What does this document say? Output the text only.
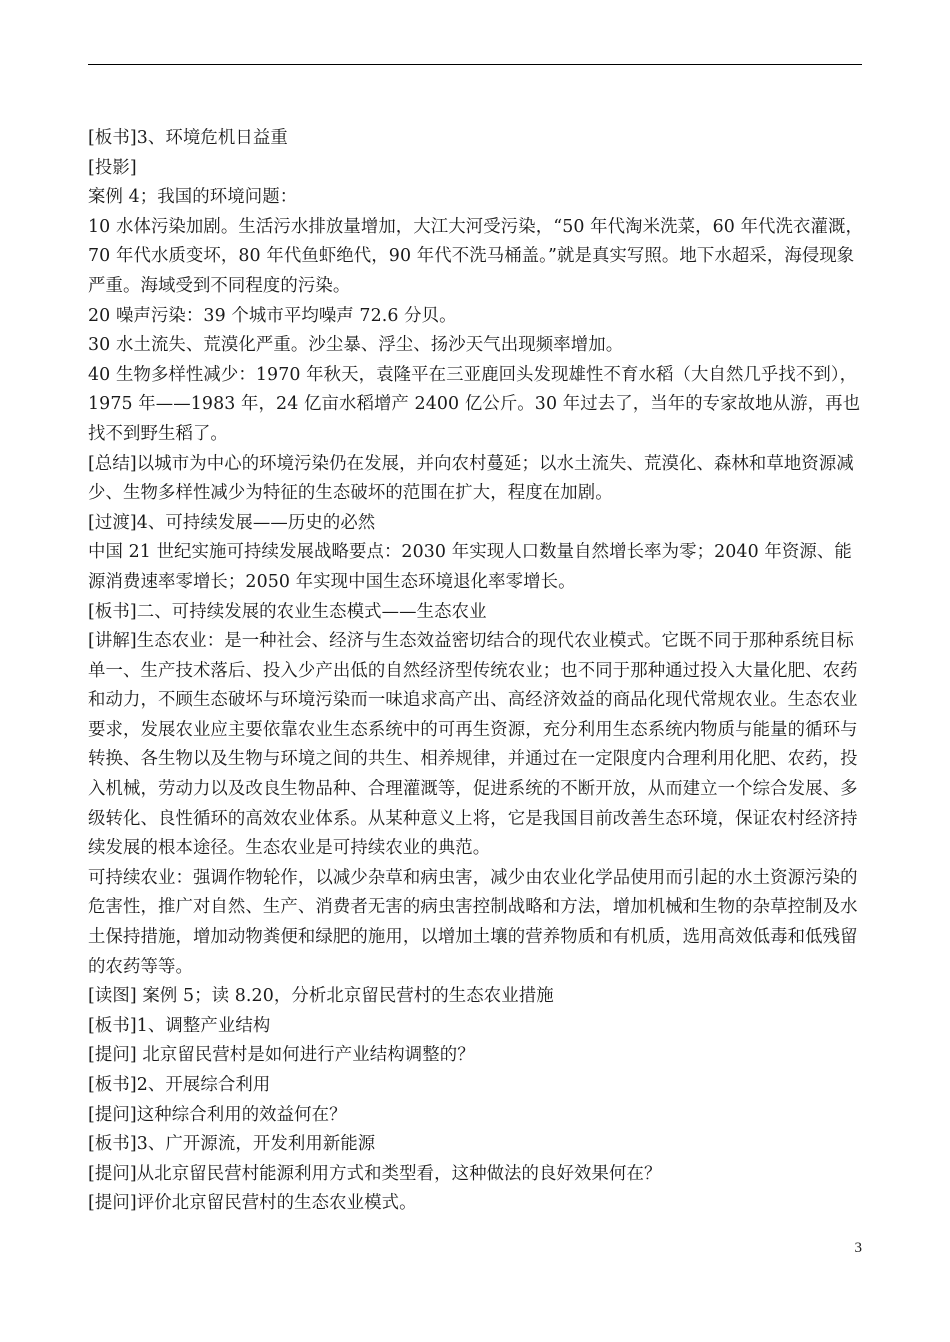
[板书]3、环境危机日益重

[投影]

案例 4；我国的环境问题：

10 水体污染加剧。生活污水排放量增加，大江大河受污染，“50 年代淘米洗菜，60 年代洗衣灌溉，70 年代水质变坏，80 年代鱼虾绝代，90 年代不洗马桶盖。”就是真实写照。地下水超采，海侵现象严重。海域受到不同程度的污染。

20 噪声污染：39 个城市平均噪声 72.6 分贝。

30 水土流失、荒漠化严重。沙尘暴、浮尘、扬沙天气出现频率增加。

40 生物多样性减少：1970 年秋天，袁隆平在三亚鹿回头发现雄性不育水稻（大自然几乎找不到），1975 年——1983 年，24 亿亩水稻增产 2400 亿公斤。30 年过去了，当年的专家故地从游，再也找不到野生稻了。

[总结]以城市为中心的环境污染仍在发展，并向农村蔓延；以水土流失、荒漠化、森林和草地资源减少、生物多样性减少为特征的生态破坏的范围在扩大，程度在加剧。

[过渡]4、可持续发展——历史的必然

中国 21 世纪实施可持续发展战略要点：2030 年实现人口数量自然增长率为零；2040 年资源、能源消费速率零增长；2050 年实现中国生态环境退化率零增长。

[板书]二、可持续发展的农业生态模式——生态农业

[讲解]生态农业：是一种社会、经济与生态效益密切结合的现代农业模式。它既不同于那种系统目标单一、生产技术落后、投入少产出低的自然经济型传统农业；也不同于那种通过投入大量化肥、农药和动力，不顾生态破坏与环境污染而一味追求高产出、高经济效益的商品化现代常规农业。生态农业要求，发展农业应主要依靠农业生态系统中的可再生资源，充分利用生态系统内物质与能量的循环与转换、各生物以及生物与环境之间的共生、相养规律，并通过在一定限度内合理利用化肥、农药，投入机械，劳动力以及改良生物品种、合理灌溉等，促进系统的不断开放，从而建立一个综合发展、多级转化、良性循环的高效农业体系。从某种意义上将，它是我国目前改善生态环境，保证农村经济持续发展的根本途径。生态农业是可持续农业的典范。

可持续农业：强调作物轮作，以减少杂草和病虫害，减少由农业化学品使用而引起的水土资源污染的危害性，推广对自然、生产、消费者无害的病虫害控制战略和方法，增加机械和生物的杂草控制及水土保持措施，增加动物粪便和绿肥的施用，以增加土壤的营养物质和有机质，选用高效低毒和低残留的农药等等。

[读图] 案例 5；读 8.20，分析北京留民营村的生态农业措施

[板书]1、调整产业结构

[提问] 北京留民营村是如何进行产业结构调整的？

[板书]2、开展综合利用

[提问]这种综合利用的效益何在？

[板书]3、广开源流，开发利用新能源

[提问]从北京留民营村能源利用方式和类型看，这种做法的良好效果何在？

[提问]评价北京留民营村的生态农业模式。

3
